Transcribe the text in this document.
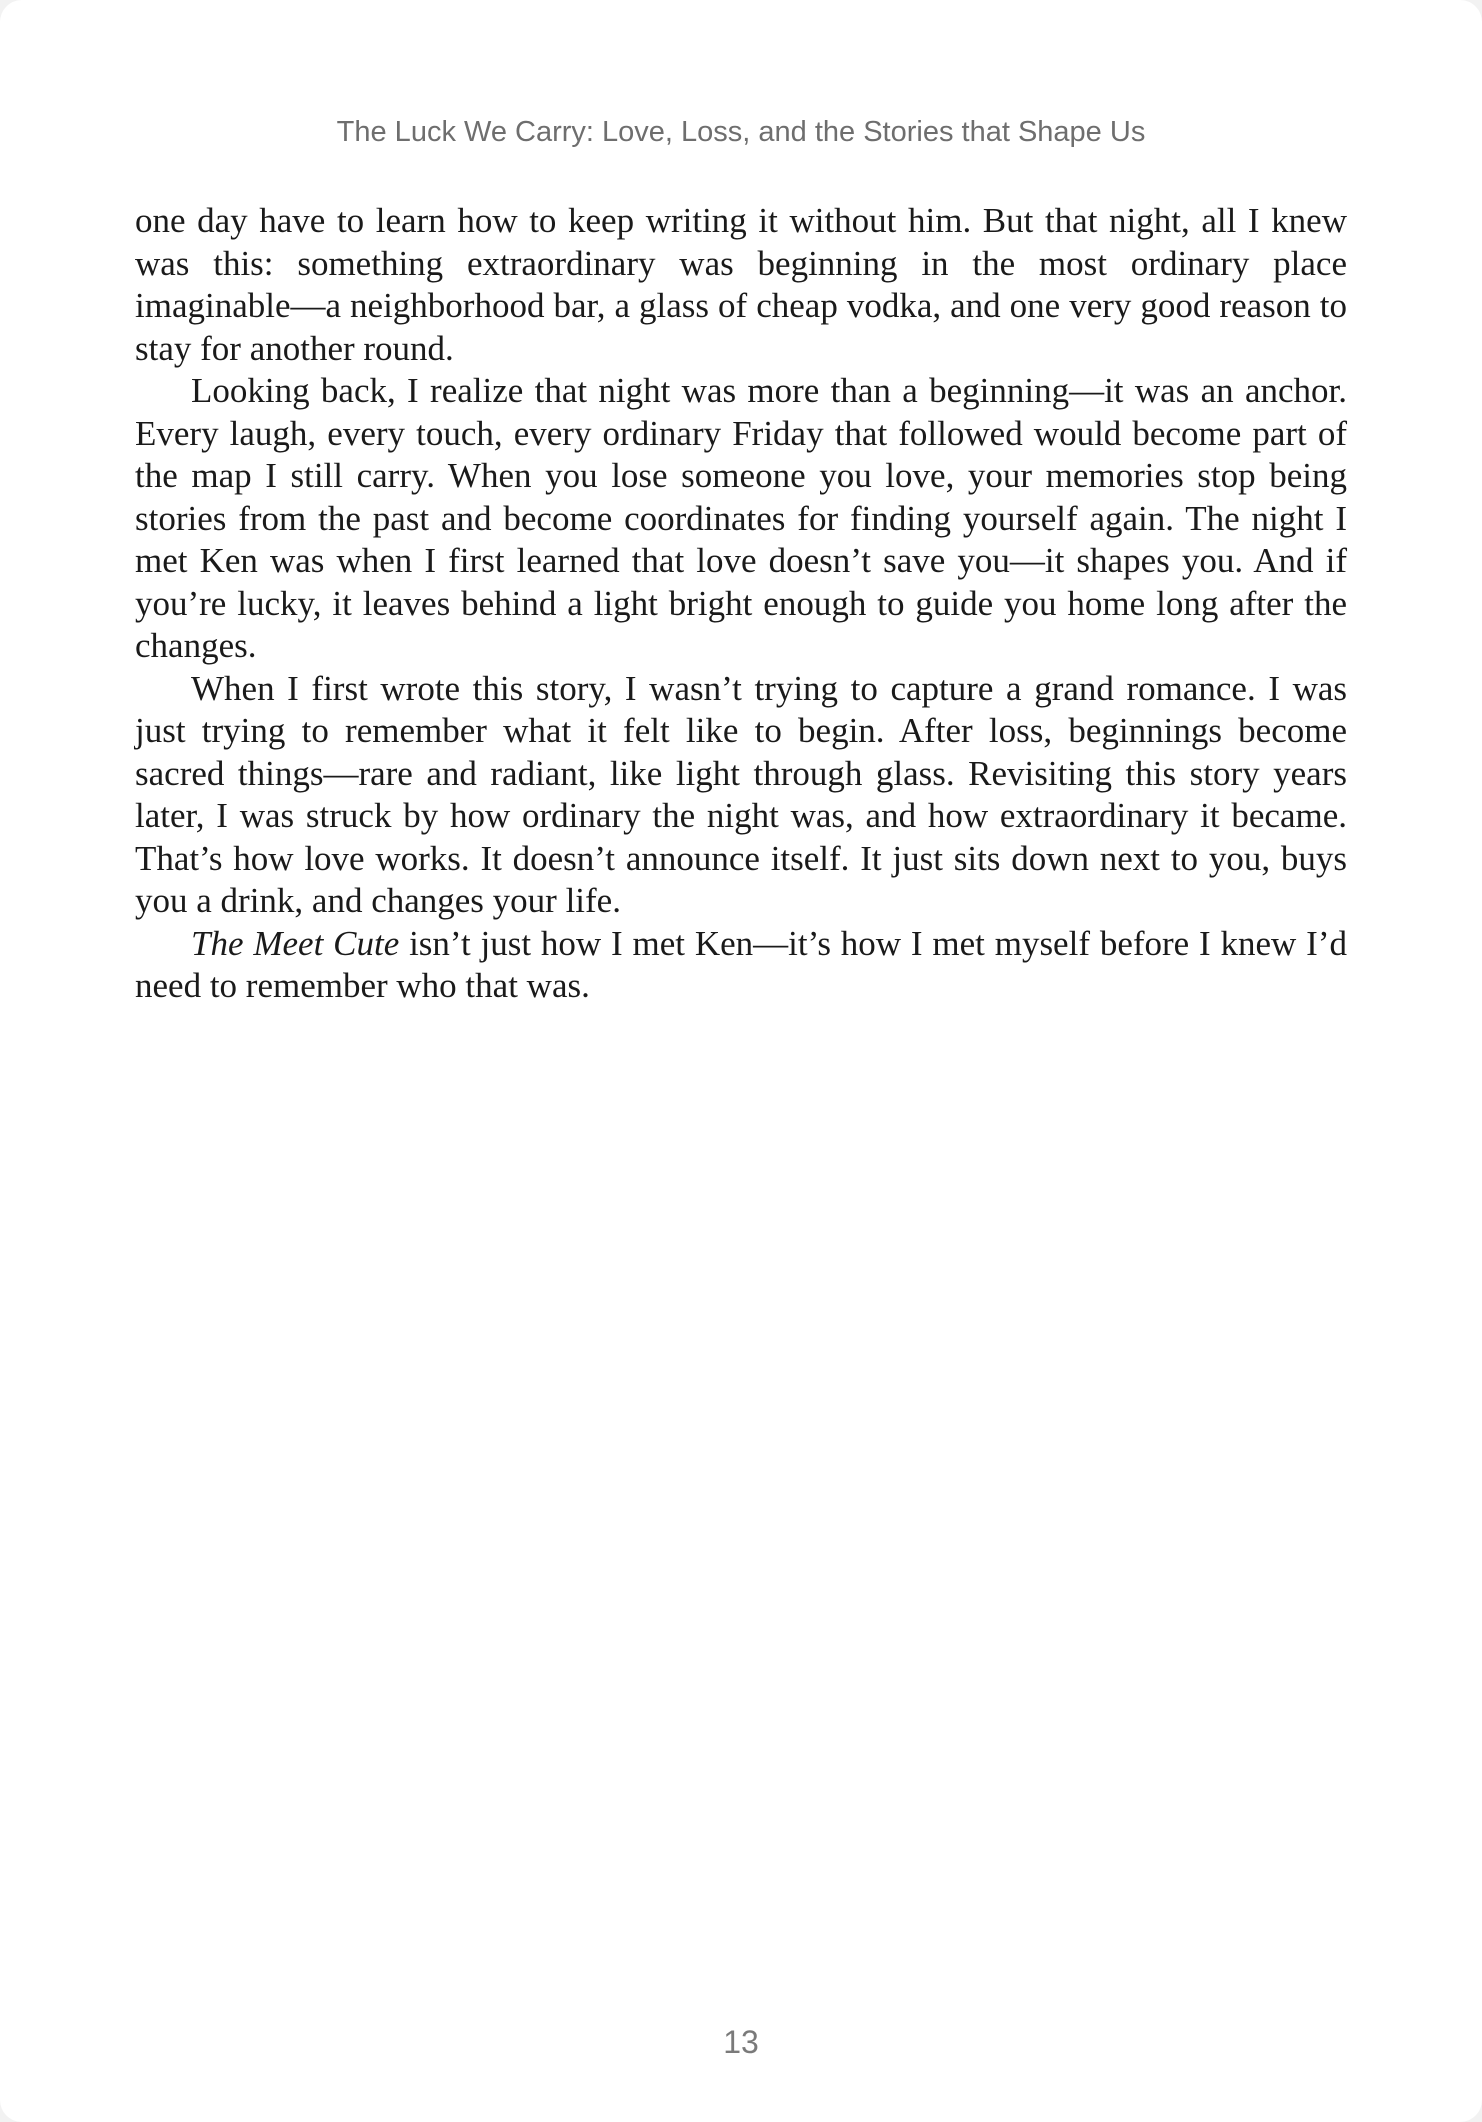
The Luck We Carry: Love, Loss, and the Stories that Shape Us

one day have to learn how to keep writing it without him. But that night, all I knew was this: something extraordinary was beginning in the most ordinary place imaginable—a neighborhood bar, a glass of cheap vodka, and one very good reason to stay for another round.

Looking back, I realize that night was more than a beginning—it was an anchor. Every laugh, every touch, every ordinary Friday that followed would become part of the map I still carry. When you lose someone you love, your memories stop being stories from the past and become coordinates for finding yourself again. The night I met Ken was when I first learned that love doesn’t save you—it shapes you. And if you’re lucky, it leaves behind a light bright enough to guide you home long after the changes.

When I first wrote this story, I wasn’t trying to capture a grand romance. I was just trying to remember what it felt like to begin. After loss, beginnings become sacred things—rare and radiant, like light through glass. Revisiting this story years later, I was struck by how ordinary the night was, and how extraordinary it became. That’s how love works. It doesn’t announce itself. It just sits down next to you, buys you a drink, and changes your life.

The Meet Cute isn’t just how I met Ken—it’s how I met myself before I knew I’d need to remember who that was.

13
